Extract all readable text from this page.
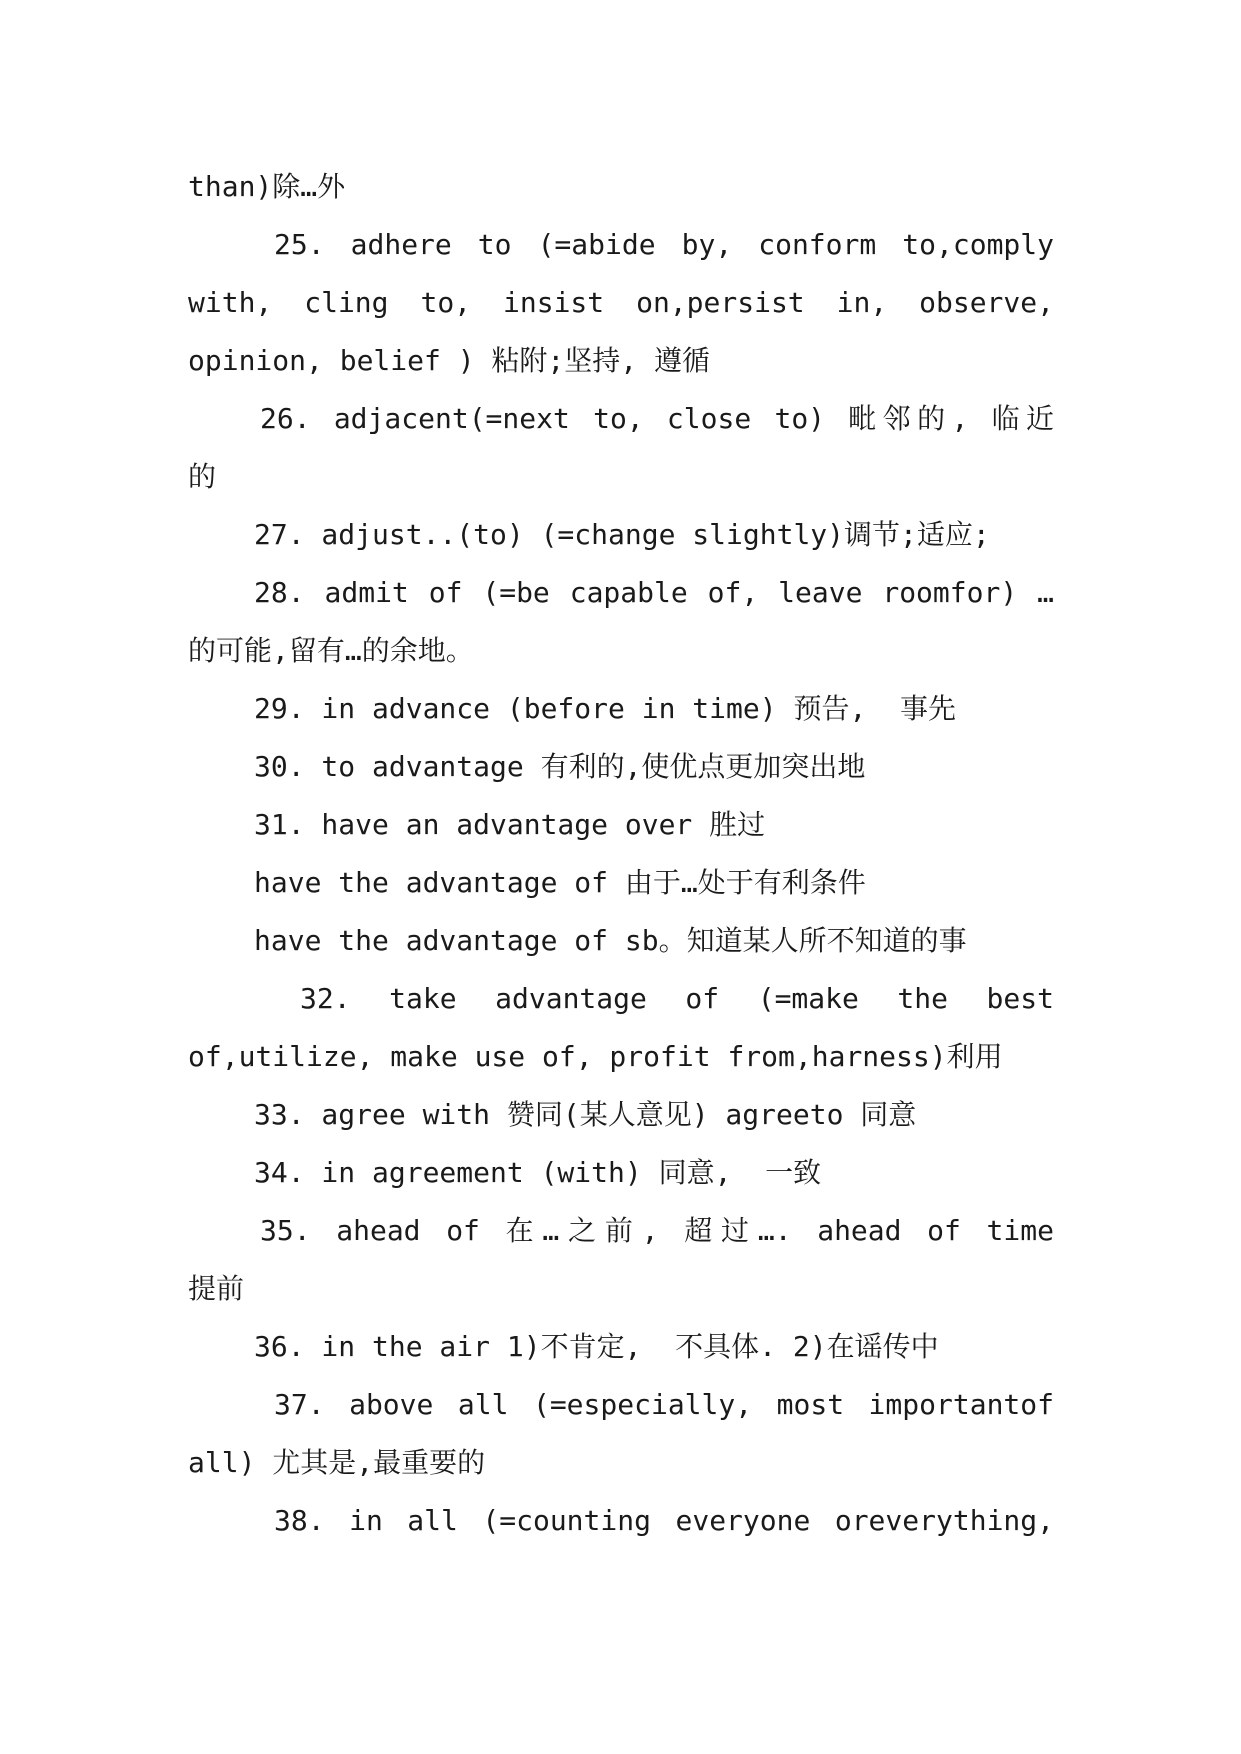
than)除…外
25. adhere to (=abide by, conform to,comply
with, cling to, insist on,persist in, observe,
opinion, belief ) 粘附;坚持, 遵循
26. adjacent(=next to, close to) 毗邻的, 临近
的
27. adjust..(to) (=change slightly)调节;适应;
28. admit of (=be capable of, leave roomfor) …
的可能,留有…的余地。
29. in advance (before in time) 预告,  事先
30. to advantage 有利的,使优点更加突出地
31. have an advantage over 胜过
have the advantage of 由于…处于有利条件
have the advantage of sb。知道某人所不知道的事
32. take advantage of (=make the best
of,utilize, make use of, profit from,harness)利用
33. agree with 赞同(某人意见) agreeto 同意
34. in agreement (with) 同意,  一致
35. ahead of 在…之前, 超过…. ahead of time
提前
36. in the air 1)不肯定,  不具体. 2)在谣传中
37. above all (=especially, most importantof
all) 尤其是,最重要的
38. in all (=counting everyone oreverything,
